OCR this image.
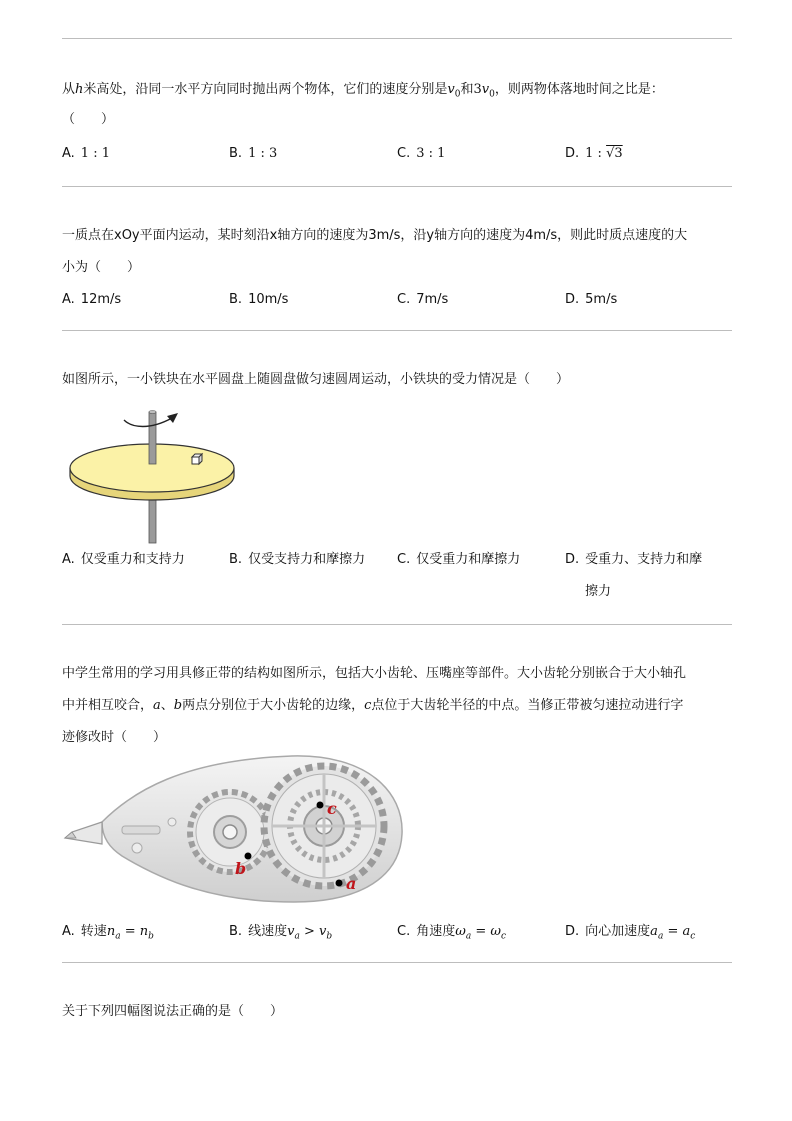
从h米高处，沿同一水平方向同时抛出两个物体，它们的速度分别是$v_0$和$3v_0$，则两物体落地时间之比是：
（　　）
A. 1 : 1	B. 1 : 3	C. 3 : 1	D. 1 : √3
一质点在xOy平面内运动，某时刻沿x轴方向的速度为3m/s，沿y轴方向的速度为4m/s，则此时质点速度的大
小为（　　）
A. 12m/s	B. 10m/s	C. 7m/s	D. 5m/s
如图所示，一小铁块在水平圆盘上随圆盘做匀速圆周运动，小铁块的受力情况是（　　）
A. 仅受重力和支持力	B. 仅受支持力和摩擦力 C. 仅受重力和摩擦力	D. 受重力、支持力和摩
擦力
中学生常用的学习用具修正带的结构如图所示，包括大小齿轮、压嘴座等部件。大小齿轮分别嵌合于大小轴孔
中并相互咬合，a、b两点分别位于大小齿轮的边缘，c点位于大齿轮半径的中点。当修正带被匀速拉动进行字
迹修改时（　　）
c
b
a
A. 转速$n_a = n_b$	B. 线速度$v_a > v_b$	C. 角速度$\omega_a = \omega_c$	D. 向心加速度$a_a = a_c$
关于下列四幅图说法正确的是（　　）
